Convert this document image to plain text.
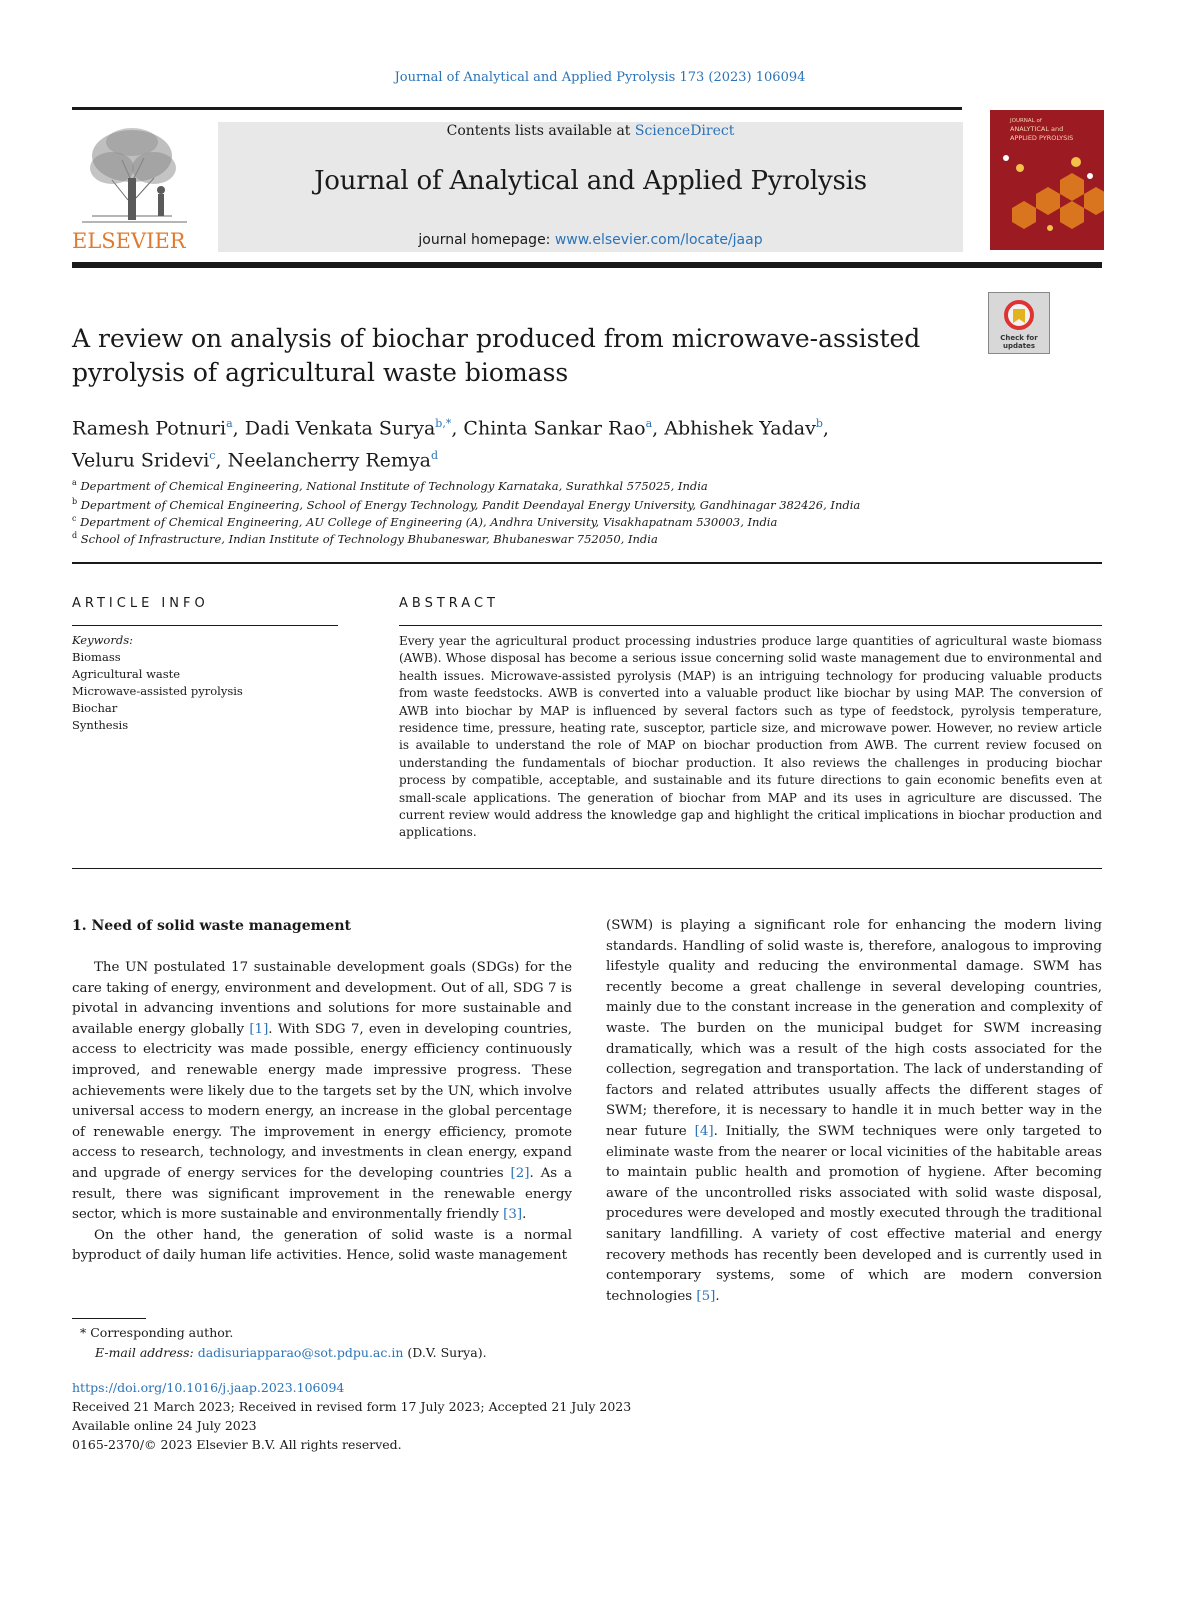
Journal of Analytical and Applied Pyrolysis 173 (2023) 106094
ELSEVIER
Contents lists available at ScienceDirect
Journal of Analytical and Applied Pyrolysis
journal homepage: www.elsevier.com/locate/jaap
JOURNAL of
ANALYTICAL and
APPLIED PYROLYSIS
Check for
updates
A review on analysis of biochar produced from microwave-assisted
pyrolysis of agricultural waste biomass
Ramesh Potnuri$^a$, Dadi Venkata Surya$^{b,*}$, Chinta Sankar Rao$^a$, Abhishek Yadav$^b$,
Veluru Sridevi$^c$, Neelancherry Remya$^d$
$^a$ Department of Chemical Engineering, National Institute of Technology Karnataka, Surathkal 575025, India
$^b$ Department of Chemical Engineering, School of Energy Technology, Pandit Deendayal Energy University, Gandhinagar 382426, India
$^c$ Department of Chemical Engineering, AU College of Engineering (A), Andhra University, Visakhapatnam 530003, India
$^d$ School of Infrastructure, Indian Institute of Technology Bhubaneswar, Bhubaneswar 752050, India
ARTICLE INFO	ABSTRACT
Keywords:
Biomass
Agricultural waste
Microwave-assisted pyrolysis
Biochar
Synthesis
Every year the agricultural product processing industries produce large quantities of agricultural waste biomass (AWB). Whose disposal has become a serious issue concerning solid waste management due to environmental and health issues. Microwave-assisted pyrolysis (MAP) is an intriguing technology for producing valuable products from waste feedstocks. AWB is converted into a valuable product like biochar by using MAP. The conversion of AWB into biochar by MAP is influenced by several factors such as type of feedstock, pyrolysis temperature, residence time, pressure, heating rate, susceptor, particle size, and microwave power. However, no review article is available to understand the role of MAP on biochar production from AWB. The current review focused on understanding the fundamentals of biochar production. It also reviews the challenges in producing biochar process by compatible, acceptable, and sustainable and its future directions to gain economic benefits even at small-scale applications. The generation of biochar from MAP and its uses in agriculture are discussed. The current review would address the knowledge gap and highlight the critical implications in biochar production and applications.
1. Need of solid waste management

The UN postulated 17 sustainable development goals (SDGs) for the care taking of energy, environment and development. Out of all, SDG 7 is pivotal in advancing inventions and solutions for more sustainable and available energy globally [1]. With SDG 7, even in developing countries, access to electricity was made possible, energy efficiency continuously improved, and renewable energy made impressive progress. These achievements were likely due to the targets set by the UN, which involve universal access to modern energy, an increase in the global percentage of renewable energy. The improvement in energy efficiency, promote access to research, technology, and investments in clean energy, expand and upgrade of energy services for the developing countries [2]. As a result, there was significant improvement in the renewable energy sector, which is more sustainable and environmentally friendly [3].

On the other hand, the generation of solid waste is a normal byproduct of daily human life activities. Hence, solid waste management

(SWM) is playing a significant role for enhancing the modern living standards. Handling of solid waste is, therefore, analogous to improving lifestyle quality and reducing the environmental damage. SWM has recently become a great challenge in several developing countries, mainly due to the constant increase in the generation and complexity of waste. The burden on the municipal budget for SWM increasing dramatically, which was a result of the high costs associated for the collection, segregation and transportation. The lack of understanding of factors and related attributes usually affects the different stages of SWM; therefore, it is necessary to handle it in much better way in the near future [4]. Initially, the SWM techniques were only targeted to eliminate waste from the nearer or local vicinities of the habitable areas to maintain public health and promotion of hygiene. After becoming aware of the uncontrolled risks associated with solid waste disposal, procedures were developed and mostly executed through the traditional sanitary landfilling. A variety of cost effective material and energy recovery methods has recently been developed and is currently used in contemporary systems, some of which are modern conversion technologies [5].

* Corresponding author.
E-mail address: dadisuriapparao@sot.pdpu.ac.in (D.V. Surya).
https://doi.org/10.1016/j.jaap.2023.106094
Received 21 March 2023; Received in revised form 17 July 2023; Accepted 21 July 2023
Available online 24 July 2023
0165-2370/© 2023 Elsevier B.V. All rights reserved.
